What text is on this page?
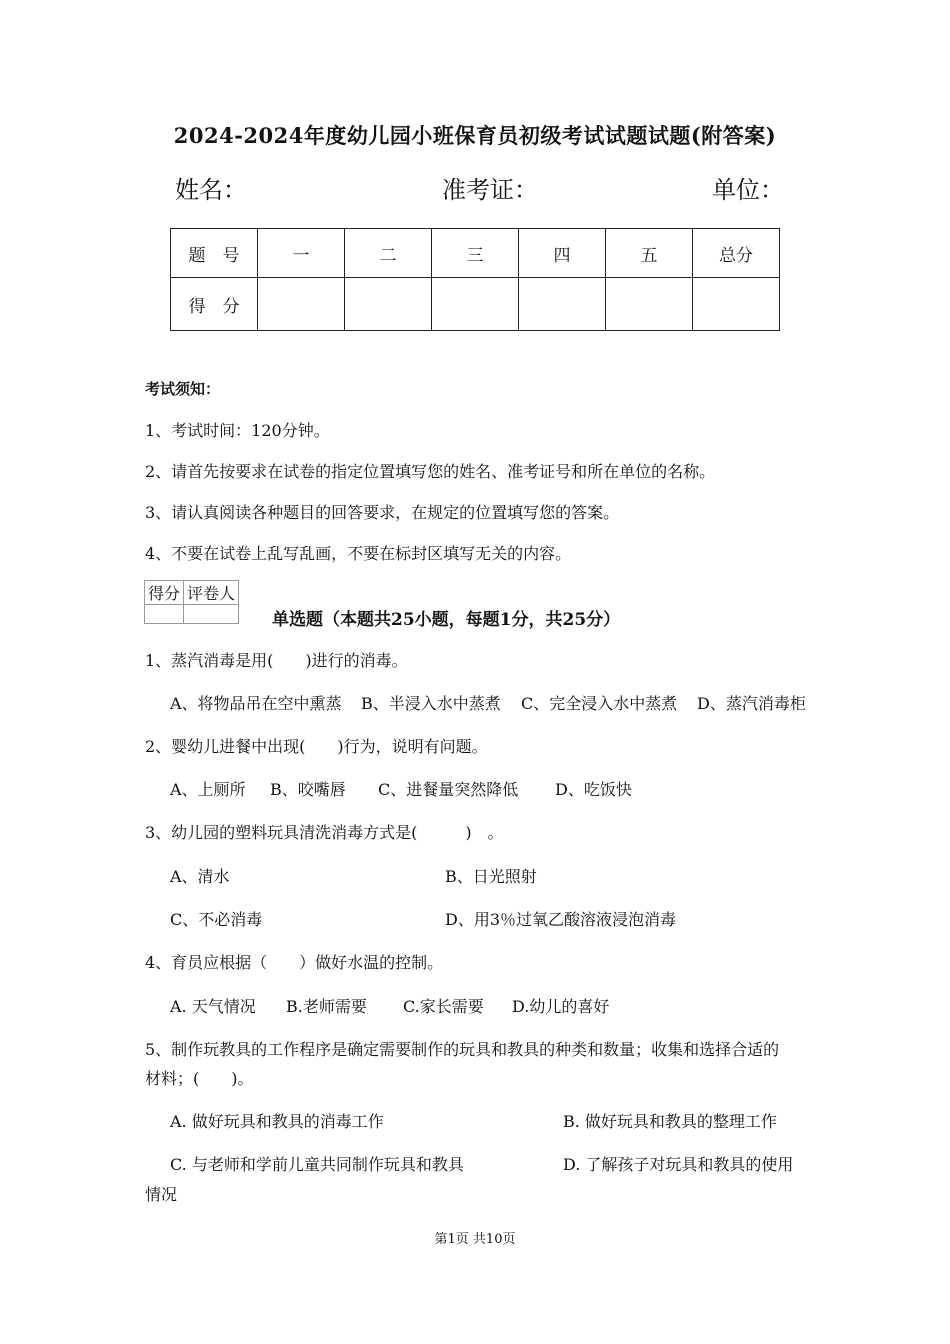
2024-2024年度幼儿园小班保育员初级考试试题试题(附答案)
姓名：	准考证：	单位：
题　号	一	二	三	四	五	总分
得　分						
考试须知：
1、考试时间：120分钟。
2、请首先按要求在试卷的指定位置填写您的姓名、准考证号和所在单位的名称。
3、请认真阅读各种题目的回答要求，在规定的位置填写您的答案。
4、不要在试卷上乱写乱画，不要在标封区填写无关的内容。
得分	评卷人

单选题（本题共25小题，每题1分，共25分）
1、蒸汽消毒是用(　　)进行的消毒。
A、将物品吊在空中熏蒸 B、半浸入水中蒸煮 C、完全浸入水中蒸煮 D、蒸汽消毒柜
2、婴幼儿进餐中出现(　　)行为，说明有问题。
A、上厕所 B、咬嘴唇 C、进餐量突然降低 D、吃饭快
3、幼儿园的塑料玩具清洗消毒方式是(　　　)　。
A、清水	B、日光照射
C、不必消毒	D、用3％过氧乙酸溶液浸泡消毒
4、育员应根据（　　）做好水温的控制。
A. 天气情况 B.老师需要 C.家长需要 D.幼儿的喜好
5、制作玩教具的工作程序是确定需要制作的玩具和教具的种类和数量；收集和选择合适的
材料；(　　)。
A. 做好玩具和教具的消毒工作	B. 做好玩具和教具的整理工作
C. 与老师和学前儿童共同制作玩具和教具	D. 了解孩子对玩具和教具的使用
情况
第1页 共10页
